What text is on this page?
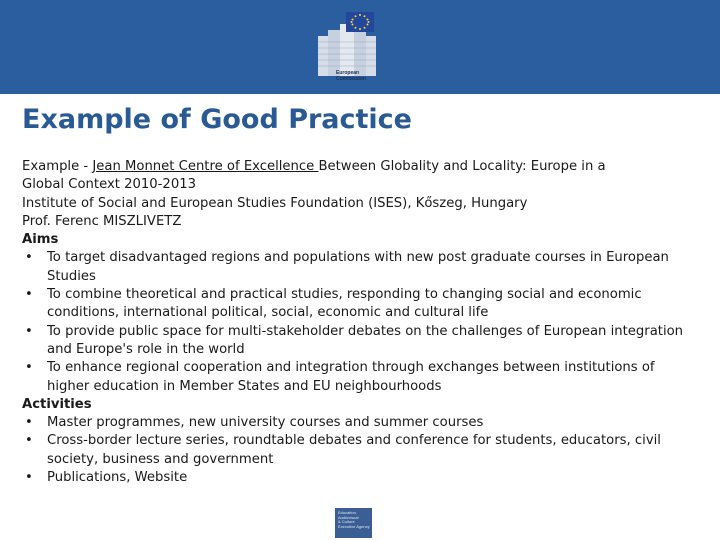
European
Commission
Example of Good Practice
Example - Jean Monnet Centre of Excellence Between Globality and Locality: Europe in a
Global Context 2010-2013
Institute of Social and European Studies Foundation (ISES), Kőszeg, Hungary
Prof. Ferenc MISZLIVETZ
Aims
• To target disadvantaged regions and populations with new post graduate courses in European Studies
• To combine theoretical and practical studies, responding to changing social and economic conditions, international political, social, economic and cultural life
• To provide public space for multi-stakeholder debates on the challenges of European integration and Europe's role in the world
• To enhance regional cooperation and integration through exchanges between institutions of higher education in Member States and EU neighbourhoods
Activities
• Master programmes, new university courses and summer courses
• Cross-border lecture series, roundtable debates and conference for students, educators, civil society, business and government
• Publications, Website
Education,
Audiovisual
& Culture
Executive Agency
